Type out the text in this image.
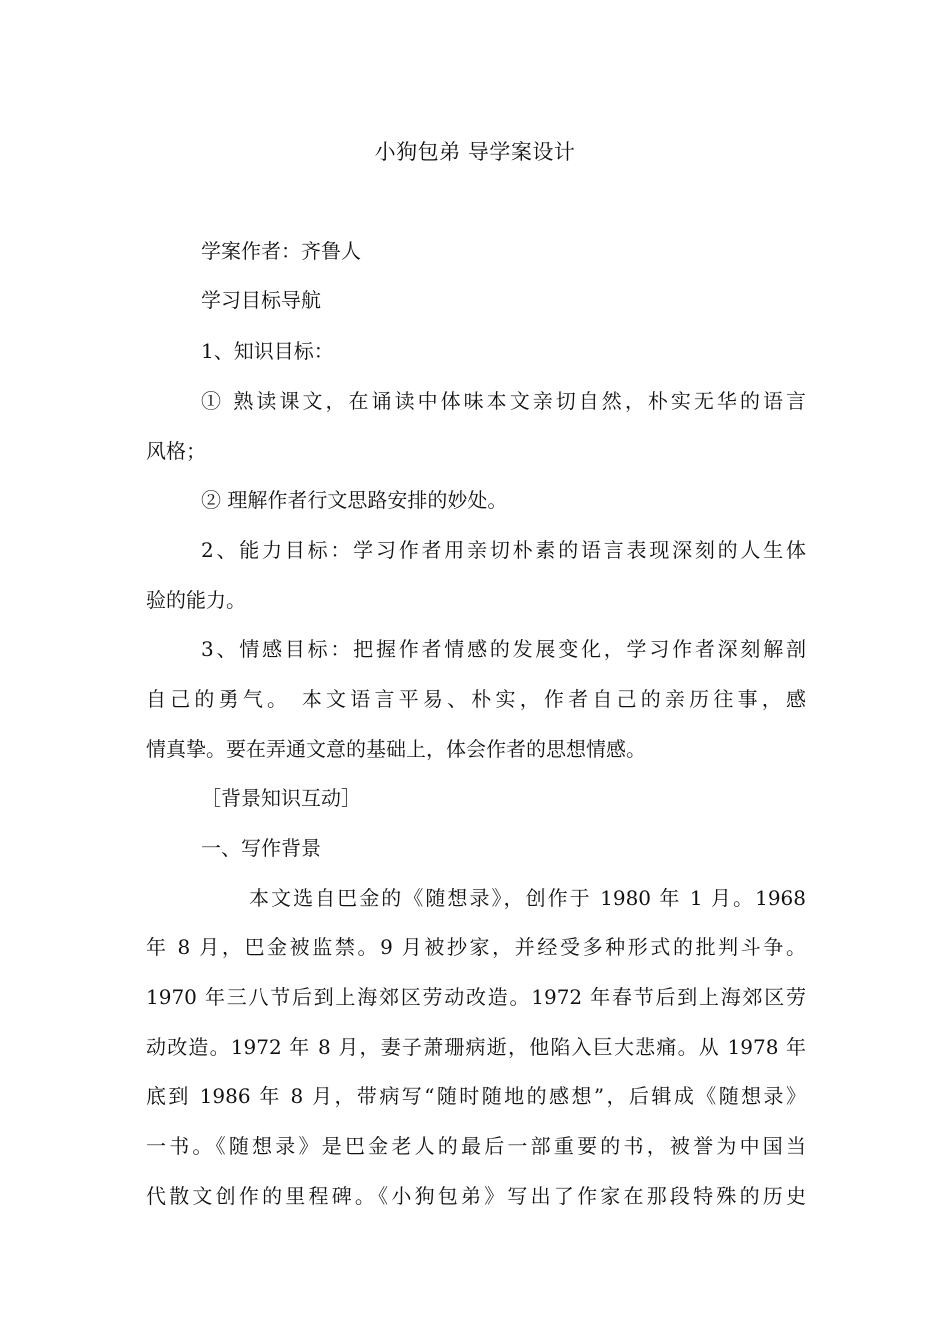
小狗包弟 导学案设计
学案作者：齐鲁人
学习目标导航
1、知识目标：
① 熟读课文，在诵读中体味本文亲切自然，朴实无华的语言
风格；
② 理解作者行文思路安排的妙处。
2、能力目标：学习作者用亲切朴素的语言表现深刻的人生体
验的能力。
3、情感目标：把握作者情感的发展变化，学习作者深刻解剖
自己的勇气。 本文语言平易、朴实，作者自己的亲历往事，感
情真挚。要在弄通文意的基础上，体会作者的思想情感。
［背景知识互动］
一、写作背景
本文选自巴金的《随想录》，创作于 1980 年 1 月。1968
年 8 月，巴金被监禁。9 月被抄家，并经受多种形式的批判斗争。
1970 年三八节后到上海郊区劳动改造。1972 年春节后到上海郊区劳
动改造。1972 年 8 月，妻子萧珊病逝，他陷入巨大悲痛。从 1978 年
底到 1986 年 8 月，带病写“随时随地的感想”，后辑成《随想录》
一书。《随想录》是巴金老人的最后一部重要的书，被誉为中国当
代散文创作的里程碑。《小狗包弟》写出了作家在那段特殊的历史
